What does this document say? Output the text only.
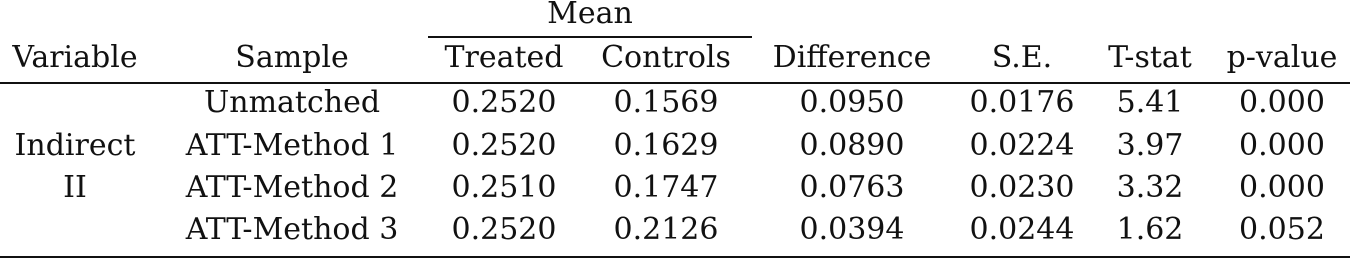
Mean
Variable	Sample	Treated Controls Difference S.E. T-stat p-value
Indirect
II
Unmatched 0.2520 0.1569	0.0950 0.0176 5.41 0.000
ATT-Method 1 0.2520 0.1629	0.0890 0.0224 3.97 0.000
ATT-Method 2 0.2510 0.1747	0.0763 0.0230 3.32 0.000
ATT-Method 3 0.2520 0.2126	0.0394 0.0244 1.62 0.052
